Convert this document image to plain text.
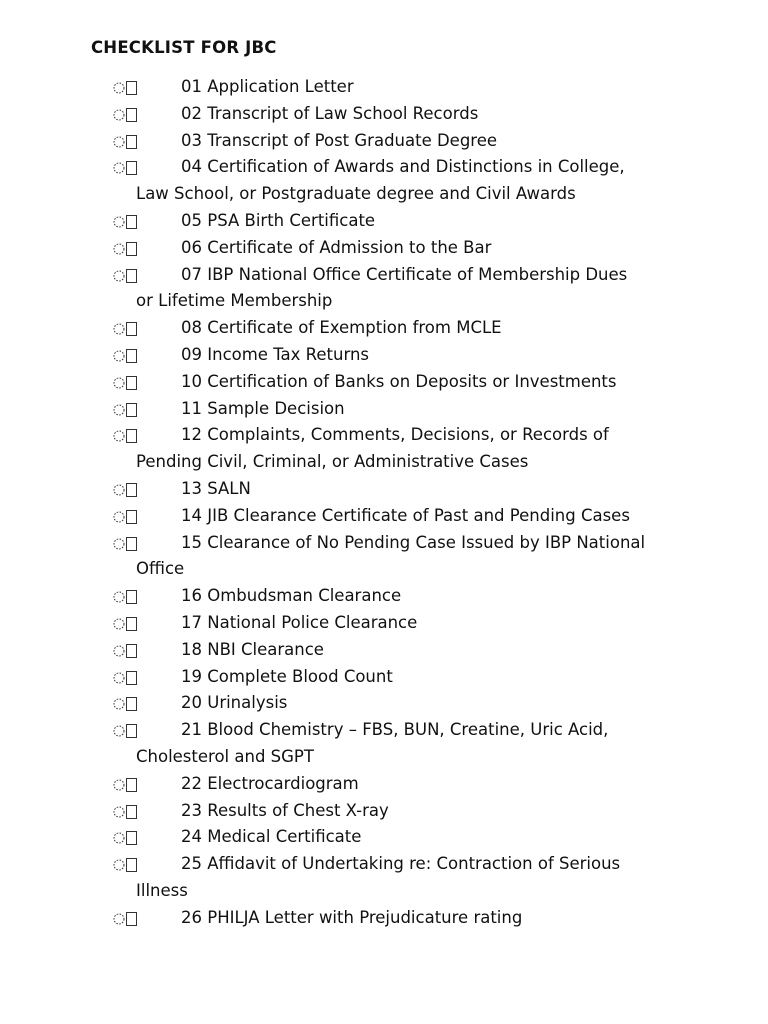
CHECKLIST FOR JBC
01 Application Letter
02 Transcript of Law School Records
03 Transcript of Post Graduate Degree
04 Certification of Awards and Distinctions in College,
Law School, or Postgraduate degree and Civil Awards
05 PSA Birth Certificate
06 Certificate of Admission to the Bar
07 IBP National Office Certificate of Membership Dues
or Lifetime Membership
08 Certificate of Exemption from MCLE
09 Income Tax Returns
10 Certification of Banks on Deposits or Investments
11 Sample Decision
12 Complaints, Comments, Decisions, or Records of
Pending Civil, Criminal, or Administrative Cases
13 SALN
14 JIB Clearance Certificate of Past and Pending Cases
15 Clearance of No Pending Case Issued by IBP National
Office
16 Ombudsman Clearance
17 National Police Clearance
18 NBI Clearance
19 Complete Blood Count
20 Urinalysis
21 Blood Chemistry – FBS, BUN, Creatine, Uric Acid,
Cholesterol and SGPT
22 Electrocardiogram
23 Results of Chest X-ray
24 Medical Certificate
25 Affidavit of Undertaking re: Contraction of Serious
Illness
26 PHILJA Letter with Prejudicature rating
